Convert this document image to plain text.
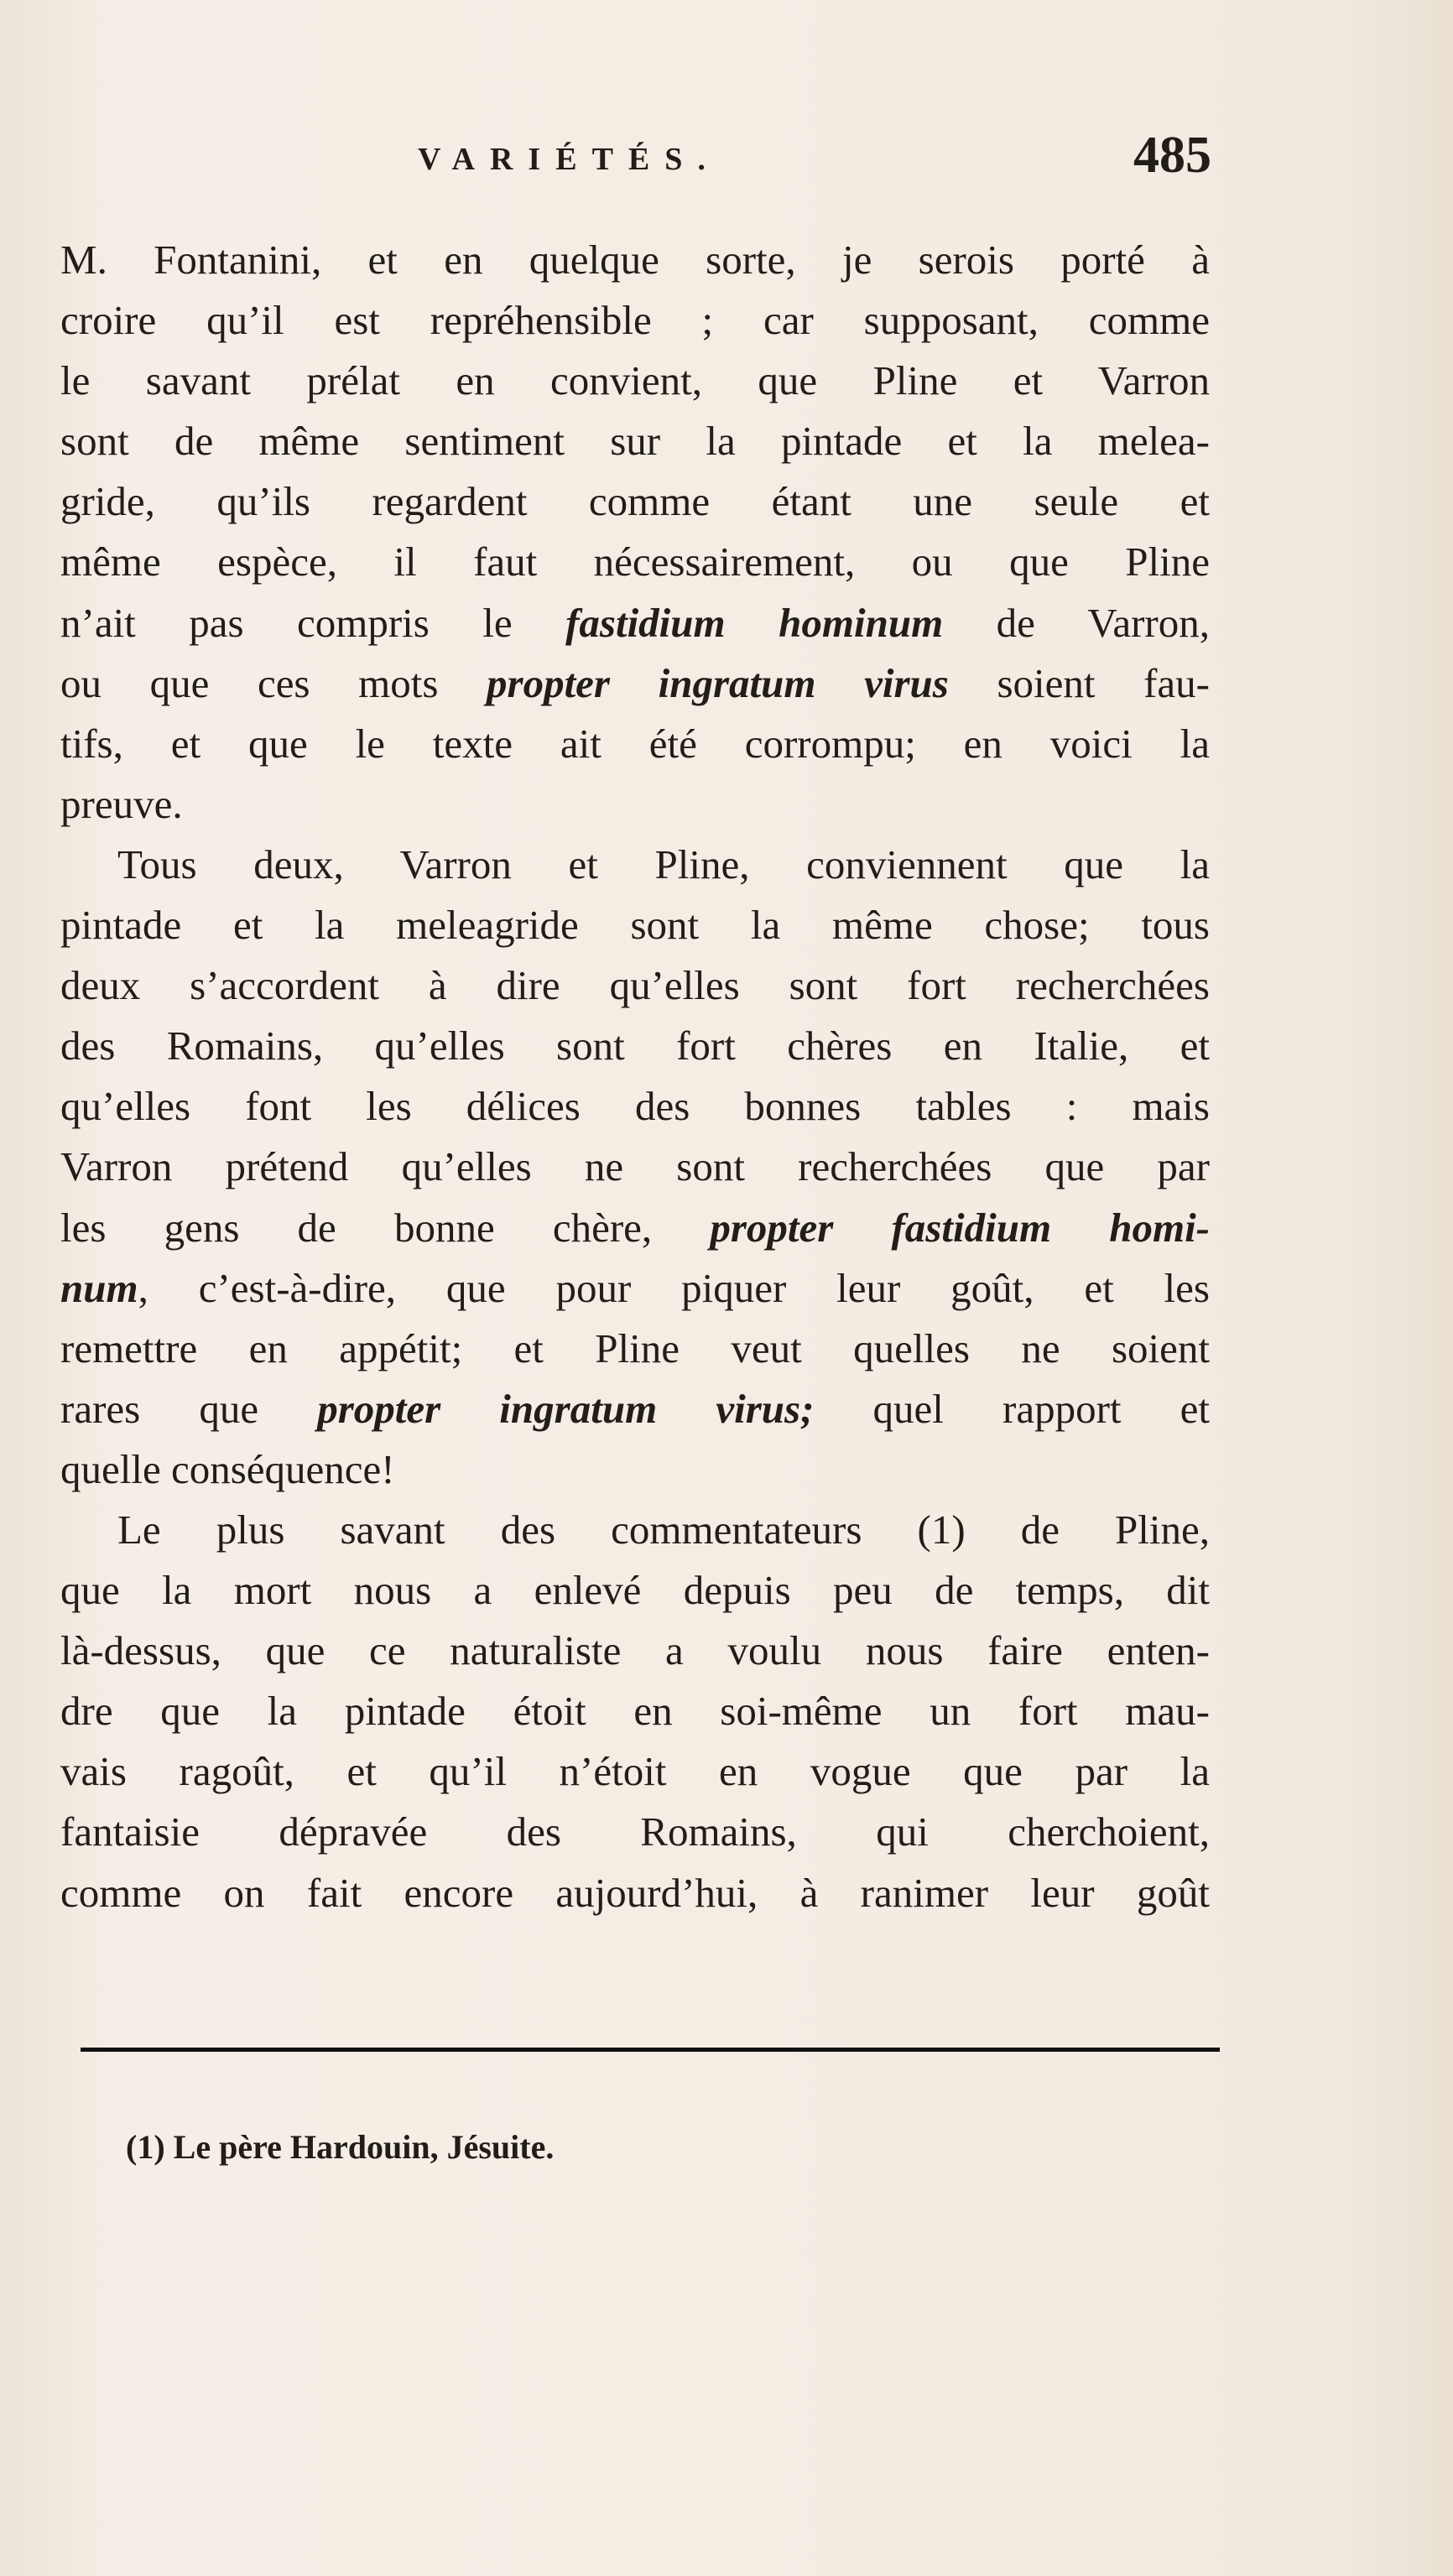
VARIÉTÉS.	485
M. Fontanini, et en quelque sorte, je serois porté à
croire qu’il est repréhensible ; car supposant, comme
le savant prélat en convient, que Pline et Varron
sont de même sentiment sur la pintade et la melea-
gride, qu’ils regardent comme étant une seule et
même espèce, il faut nécessairement, ou que Pline
n’ait pas compris le fastidium hominum de Varron,
ou que ces mots propter ingratum virus soient fau-
tifs, et que le texte ait été corrompu; en voici la
preuve.
Tous deux, Varron et Pline, conviennent que la
pintade et la meleagride sont la même chose; tous
deux s’accordent à dire qu’elles sont fort recherchées
des Romains, qu’elles sont fort chères en Italie, et
qu’elles font les délices des bonnes tables : mais
Varron prétend qu’elles ne sont recherchées que par
les gens de bonne chère, propter fastidium homi-
num, c’est-à-dire, que pour piquer leur goût, et les
remettre en appétit; et Pline veut quelles ne soient
rares que propter ingratum virus; quel rapport et
quelle conséquence!
Le plus savant des commentateurs (1) de Pline,
que la mort nous a enlevé depuis peu de temps, dit
là-dessus, que ce naturaliste a voulu nous faire enten-
dre que la pintade étoit en soi-même un fort mau-
vais ragoût, et qu’il n’étoit en vogue que par la
fantaisie dépravée des Romains, qui cherchoient,
comme on fait encore aujourd’hui, à ranimer leur goût
(1) Le père Hardouin, Jésuite.
